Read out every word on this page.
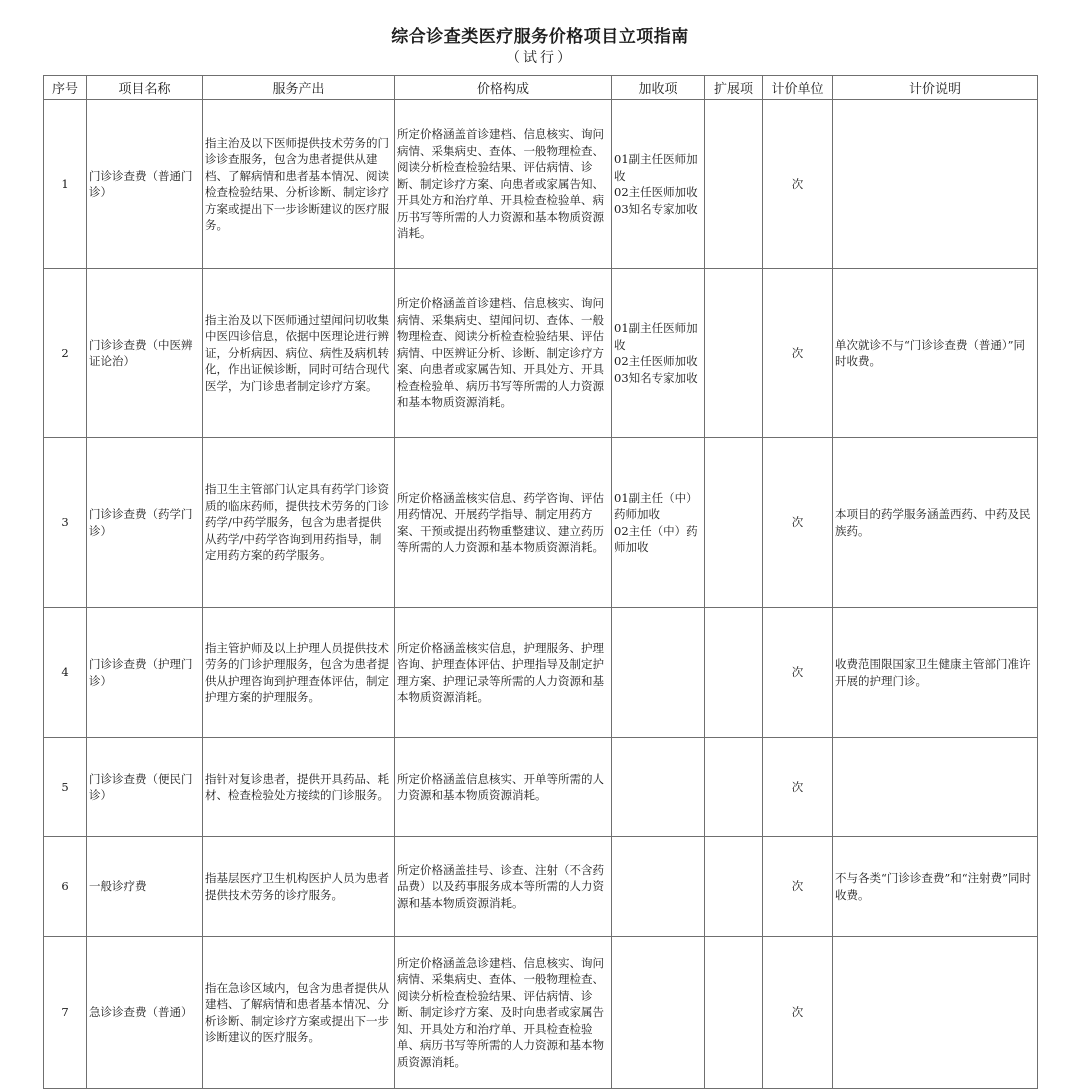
综合诊查类医疗服务价格项目立项指南
（试行）
序号	项目名称	服务产出	价格构成	加收项	扩展项	计价单位	计价说明
1	门诊诊查费（普通门诊）	指主治及以下医师提供技术劳务的门诊诊查服务，包含为患者提供从建档、了解病情和患者基本情况、阅读检查检验结果、分析诊断、制定诊疗方案或提出下一步诊断建议的医疗服务。	所定价格涵盖首诊建档、信息核实、询问病情、采集病史、查体、一般物理检查、阅读分析检查检验结果、评估病情、诊断、制定诊疗方案、向患者或家属告知、开具处方和治疗单、开具检查检验单、病历书写等所需的人力资源和基本物质资源消耗。	01副主任医师加收
02主任医师加收
03知名专家加收		次	
2	门诊诊查费（中医辨证论治）	指主治及以下医师通过望闻问切收集中医四诊信息，依据中医理论进行辨证，分析病因、病位、病性及病机转化，作出证候诊断，同时可结合现代医学，为门诊患者制定诊疗方案。	所定价格涵盖首诊建档、信息核实、询问病情、采集病史、望闻问切、查体、一般物理检查、阅读分析检查检验结果、评估病情、中医辨证分析、诊断、制定诊疗方案、向患者或家属告知、开具处方、开具检查检验单、病历书写等所需的人力资源和基本物质资源消耗。	01副主任医师加收
02主任医师加收
03知名专家加收		次	单次就诊不与“门诊诊查费（普通）”同时收费。
3	门诊诊查费（药学门诊）	指卫生主管部门认定具有药学门诊资质的临床药师，提供技术劳务的门诊药学/中药学服务，包含为患者提供从药学/中药学咨询到用药指导，制定用药方案的药学服务。	所定价格涵盖核实信息、药学咨询、评估用药情况、开展药学指导、制定用药方案、干预或提出药物重整建议、建立药历等所需的人力资源和基本物质资源消耗。	01副主任（中）药师加收
02主任（中）药师加收		次	本项目的药学服务涵盖西药、中药及民族药。
4	门诊诊查费（护理门诊）	指主管护师及以上护理人员提供技术劳务的门诊护理服务，包含为患者提供从护理咨询到护理查体评估，制定护理方案的护理服务。	所定价格涵盖核实信息，护理服务、护理咨询、护理查体评估、护理指导及制定护理方案、护理记录等所需的人力资源和基本物质资源消耗。			次	收费范围限国家卫生健康主管部门准许开展的护理门诊。
5	门诊诊查费（便民门诊）	指针对复诊患者，提供开具药品、耗材、检查检验处方接续的门诊服务。	所定价格涵盖信息核实、开单等所需的人力资源和基本物质资源消耗。			次	
6	一般诊疗费	指基层医疗卫生机构医护人员为患者提供技术劳务的诊疗服务。	所定价格涵盖挂号、诊查、注射（不含药品费）以及药事服务成本等所需的人力资源和基本物质资源消耗。			次	不与各类“门诊诊查费”和“注射费”同时收费。
7	急诊诊查费（普通）	指在急诊区域内，包含为患者提供从建档、了解病情和患者基本情况、分析诊断、制定诊疗方案或提出下一步诊断建议的医疗服务。	所定价格涵盖急诊建档、信息核实、询问病情、采集病史、查体、一般物理检查、阅读分析检查检验结果、评估病情、诊断、制定诊疗方案、及时向患者或家属告知、开具处方和治疗单、开具检查检验单、病历书写等所需的人力资源和基本物质资源消耗。			次	
